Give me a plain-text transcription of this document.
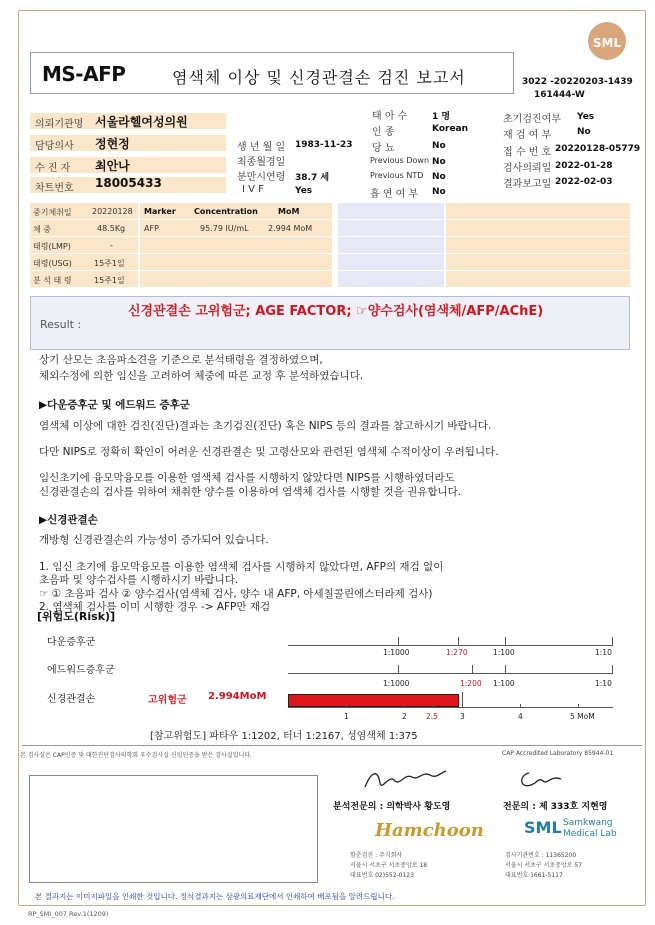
SML
MS-AFP	염색체 이상 및 신경관결손 검진 보고서	3022 -20220203-1439
161444-W
의뢰기관명 서울라헬여성의원
담당의사 정현정
수 진 자 최안나
차트번호 18005433
생 년 월 일 1983-11-23
최종월경일
분만시연령 38.7 세
I V F	Yes
태 아 수	1 명
인 종	Korean
당 뇨	No
Previous Down No
Previous NTD No
흡 연 여 부 No
초기검진여부 Yes
재 검 여 부	No
접 수 번 호 20220128-05779
검사의뢰일 2022-01-28
결과보고일 2022-02-03
중기체취일	20220128
체 중	48.5Kg
태령(LMP)	-
태령(USG)	15주1일
분 석 태 령	15주1일
Marker Concentration	MoM
AFP	95.79 IU/mL 2.994 MoM
Result :
신경관결손 고위험군; AGE FACTOR; ☞양수검사(염색체/AFP/AChE)
상기 산모는 초음파소견을 기준으로 분석태령을 결정하였으며,
체외수정에 의한 임신을 고려하여 체중에 따른 교정 후 분석하였습니다.
▶다운증후군 및 에드워드 증후군
염색체 이상에 대한 검진(진단)결과는 초기검진(진단) 혹은 NIPS 등의 결과를 참고하시기 바랍니다.
다만 NIPS로 정확히 확인이 어려운 신경관결손 및 고령산모와 관련된 염색체 수적이상이 우려됩니다.
임신초기에 융모막융모를 이용한 염색체 검사를 시행하지 않았다면 NIPS를 시행하였더라도
신경관결손의 검사를 위하여 채취한 양수를 이용하여 염색체 검사를 시행할 것을 권유합니다.
▶신경관결손
개방형 신경관결손의 가능성이 증가되어 있습니다.
1. 임신 초기에 융모막융모를 이용한 염색체 검사를 시행하지 않았다면, AFP의 재검 없이
초음파 및 양수검사를 시행하시기 바랍니다.
☞ ① 초음파 검사 ② 양수검사(염색체 검사, 양수 내 AFP, 아세칠콜린에스터라제 검사)
2. 염색체 검사를 이미 시행한 경우 -> AFP만 재검
[위험도(Risk)]
다운증후군
1:1000	1:270	1:100	1:10
에드워드증후군
1:1000	1:200 1:100	1:10
신경관결손	고위험군 2.994MoM
1	2	2.5	3	4	5 MoM
[참고위험도] 파타우 1:1202, 터너 1:2167, 성염색체 1:375
본 검사실은 CAP인증 및 대한진단검사의학회 우수검사실 신임인증을 받은 검사실입니다.	CAP Accredited Laboratory 85944-01
분석전문의 : 의학박사 황도영	전문의 : 제 333호 지현영
Hamchoon
함춘검진 : 주식회사
서울시 서초구 서초중앙로 18
대표번호 02)552-0123
SML Samkwang Medical Lab
검사기관번호 : 11365200
서울시 서초구 서초중앙로 57
대표번호 1661-5117
본 결과지는 이미지파일을 인쇄한 것입니다. 정식결과지는 삼광의료재단에서 인쇄하여 배포됨을 알려드립니다.
RP_SMI_007 Rev.1(1209)
